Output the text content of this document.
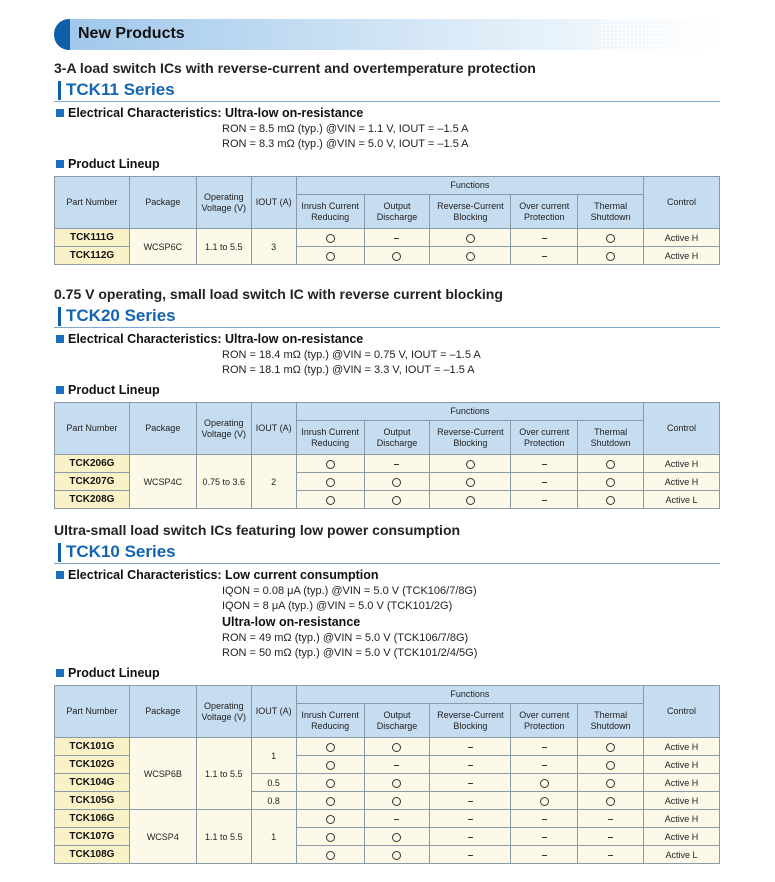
New Products
3-A load switch ICs with reverse-current and overtemperature protection
TCK11 Series
Electrical Characteristics: Ultra-low on-resistance
RON = 8.5 mΩ (typ.) @VIN = 1.1 V, IOUT = –1.5 A
RON = 8.3 mΩ (typ.) @VIN = 5.0 V, IOUT = –1.5 A
Product Lineup
Part Number	Package	Operating Voltage (V)	IOUT (A)	Functions					Control
				Inrush Current Reducing	Output Discharge	Reverse-Current Blocking	Over current Protection	Thermal Shutdown	
TCK111G	WCSP6C	1.1 to 5.5	3						Active H
TCK112G									Active H
0.75 V operating, small load switch IC with reverse current blocking
TCK20 Series
Electrical Characteristics: Ultra-low on-resistance
RON = 18.4 mΩ (typ.) @VIN = 0.75 V, IOUT = –1.5 A
RON = 18.1 mΩ (typ.) @VIN = 3.3 V, IOUT = –1.5 A
Product Lineup
Part Number	Package	Operating Voltage (V)	IOUT (A)	Functions					Control
				Inrush Current Reducing	Output Discharge	Reverse-Current Blocking	Over current Protection	Thermal Shutdown	
TCK206G	WCSP4C	0.75 to 3.6	2						Active H
TCK207G									Active H
TCK208G									Active L
Ultra-small load switch ICs featuring low power consumption
TCK10 Series
Electrical Characteristics: Low current consumption
IQON = 0.08 μA (typ.) @VIN = 5.0 V (TCK106/7/8G)
IQON = 8 μA (typ.) @VIN = 5.0 V (TCK101/2G)
Ultra-low on-resistance
RON = 49 mΩ (typ.) @VIN = 5.0 V (TCK106/7/8G)
RON = 50 mΩ (typ.) @VIN = 5.0 V (TCK101/2/4/5G)
Product Lineup
Part Number	Package	Operating Voltage (V)	IOUT (A)	Functions					Control
				Inrush Current Reducing	Output Discharge	Reverse-Current Blocking	Over current Protection	Thermal Shutdown	
TCK101G	WCSP6B	1.1 to 5.5	1						Active H
TCK102G									Active H
TCK104G			0.5						Active H
TCK105G			0.8						Active H
TCK106G	WCSP4	1.1 to 5.5	1						Active H
TCK107G									Active H
TCK108G									Active L
